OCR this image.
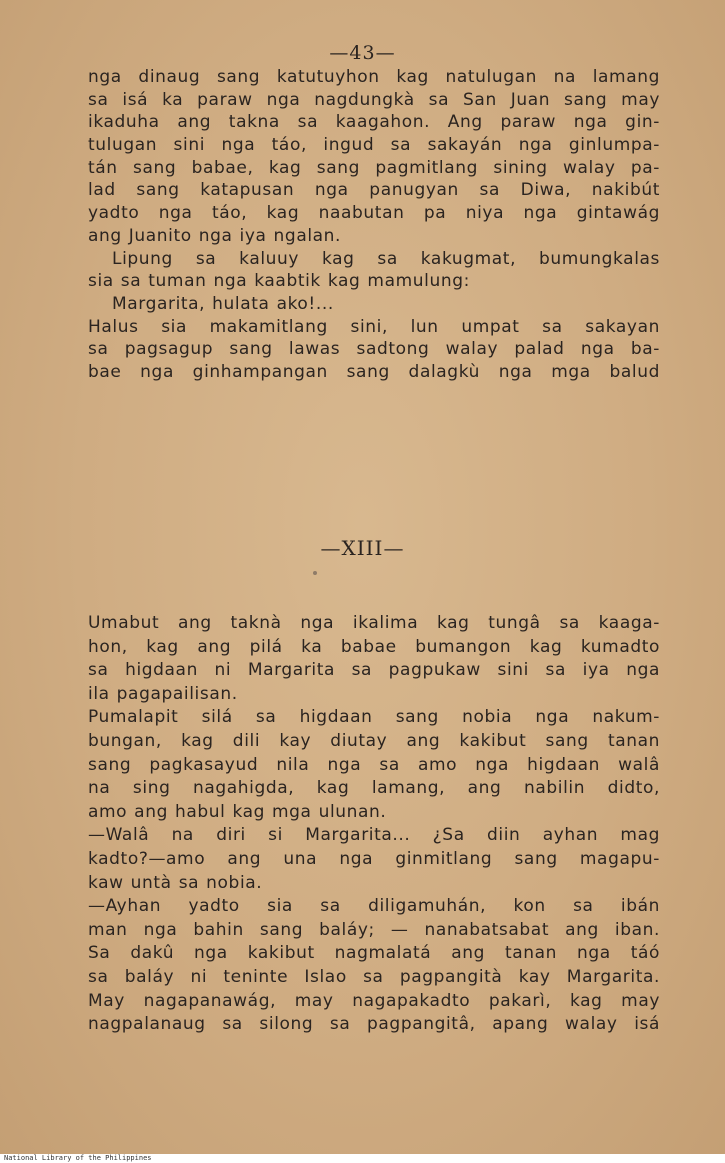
—43—
nga dinaug sang katutuyhon kag natulugan na lamang
sa isá ka paraw nga nagdungkà sa San Juan sang may
ikaduha ang takna sa kaagahon. Ang paraw nga gin-
tulugan sini nga táo, ingud sa sakayán nga ginlumpa-
tán sang babae, kag sang pagmitlang sining walay pa-
lad sang katapusan nga panugyan sa Diwa, nakibút
yadto nga táo, kag naabutan pa niya nga gintawág
ang Juanito nga iya ngalan.
Lipung sa kaluuy kag sa kakugmat, bumungkalas
sia sa tuman nga kaabtik kag mamulung:
Margarita, hulata ako!...
Halus sia makamitlang sini, lun umpat sa sakayan
sa pagsagup sang lawas sadtong walay palad nga ba-
bae nga ginhampangan sang dalagkù nga mga balud
—XIII—
Umabut ang taknà nga ikalima kag tungâ sa kaaga-
hon, kag ang pilá ka babae bumangon kag kumadto
sa higdaan ni Margarita sa pagpukaw sini sa iya nga
ila pagapailisan.
Pumalapit silá sa higdaan sang nobia nga nakum-
bungan, kag dili kay diutay ang kakibut sang tanan
sang pagkasayud nila nga sa amo nga higdaan walâ
na sing nagahigda, kag lamang, ang nabilin didto,
amo ang habul kag mga ulunan.
—Walâ na diri si Margarita... ¿Sa diin ayhan mag
kadto?—amo ang una nga ginmitlang sang magapu-
kaw untà sa nobia.
—Ayhan yadto sia sa diligamuhán, kon sa ibán
man nga bahin sang baláy; — nanabatsabat ang iban.
Sa dakû nga kakibut nagmalatá ang tanan nga táó
sa baláy ni teninte Islao sa pagpangità kay Margarita.
May nagapanawág, may nagapakadto pakarì, kag may
nagpalanaug sa silong sa pagpangitâ, apang walay isá
National Library of the Philippines
